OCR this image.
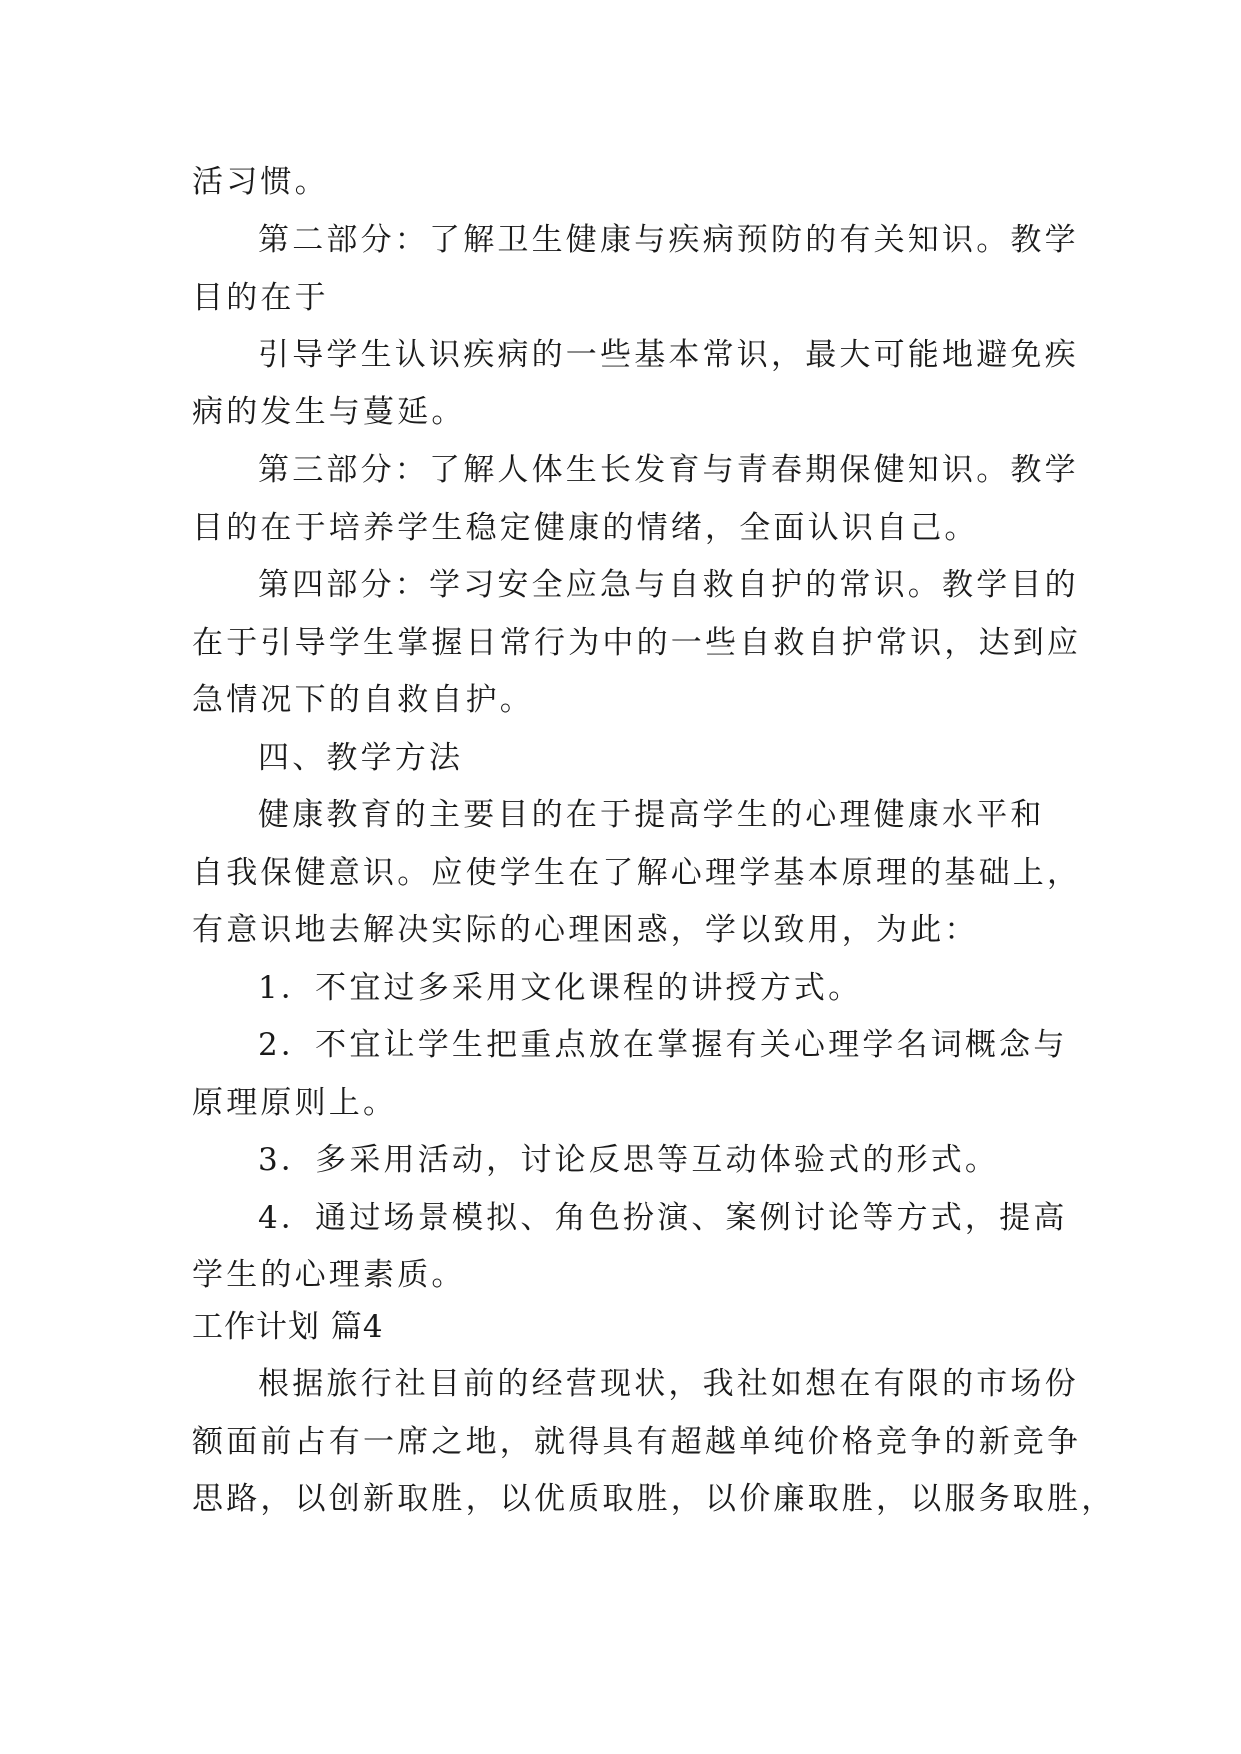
活习惯。
第二部分：了解卫生健康与疾病预防的有关知识。教学
目的在于
引导学生认识疾病的一些基本常识，最大可能地避免疾
病的发生与蔓延。
第三部分：了解人体生长发育与青春期保健知识。教学
目的在于培养学生稳定健康的情绪，全面认识自己。
第四部分：学习安全应急与自救自护的常识。教学目的
在于引导学生掌握日常行为中的一些自救自护常识，达到应
急情况下的自救自护。
四、教学方法
健康教育的主要目的在于提高学生的心理健康水平和
自我保健意识。应使学生在了解心理学基本原理的基础上，
有意识地去解决实际的心理困惑，学以致用，为此：
1．不宜过多采用文化课程的讲授方式。
2．不宜让学生把重点放在掌握有关心理学名词概念与
原理原则上。
3．多采用活动，讨论反思等互动体验式的形式。
4．通过场景模拟、角色扮演、案例讨论等方式，提高
学生的心理素质。
工作计划 篇4
根据旅行社目前的经营现状，我社如想在有限的市场份
额面前占有一席之地，就得具有超越单纯价格竞争的新竞争
思路，以创新取胜，以优质取胜，以价廉取胜，以服务取胜，
